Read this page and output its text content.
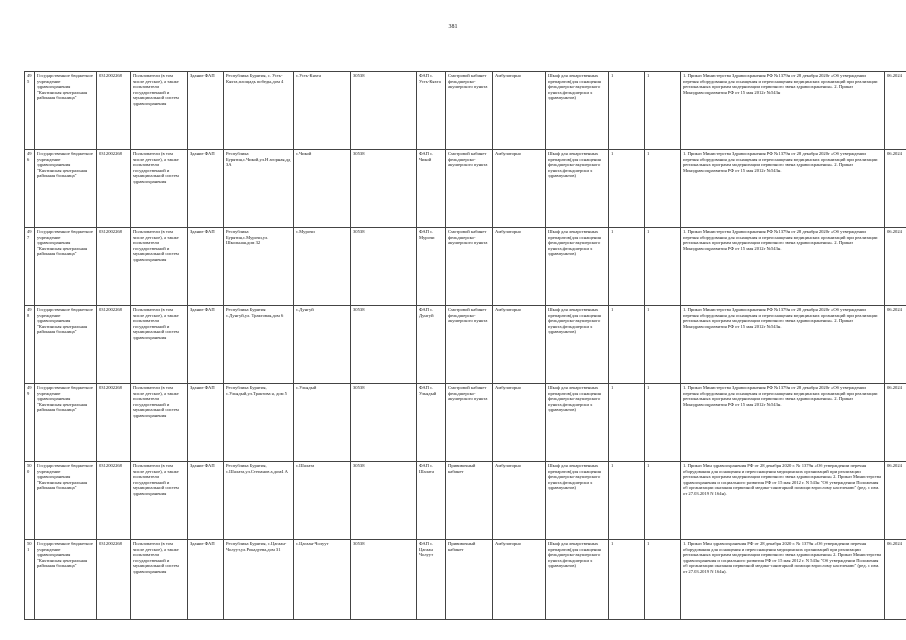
381
495	Государственное бюджетное учреждение здравоохранения "Кяхтинская центральная районная больница"	0312002268	Пользователи (в том числе детское), а также пользователи государственной и муниципальной систем здравоохранения	Здание ФАП	Республика Бурятия, с. Усть-Кяхта,площадь победы,дом 4	с.Усть-Кяхта	30538	ФАП с. Усть-Кяхта	Смотровой кабинет фельдшерско-акушерского пункта	Амбулаторно	Шкаф для лекарственных препаратов(для оснащения фельдшерско-акушерского пункта,фельдшерски х здравпунктов)	1	1	1. Приказ Министерства Здравоохранения РФ №1379н от 28 декабря 2020г «Об утверждении перечня оборудования для оснащения и переоснащения медицинских организаций при реализации региональных программ модернизации первичного звена здравоохранения». 2. Приказ Минздравсоцразвития РФ от 15 мая 2012г №543н	06.2024
496	Государственное бюджетное учреждение здравоохранения "Кяхтинская центральная районная больница"	0312002268	Пользователи (в том числе детское), а также пользователи государственной и муниципальной систем здравоохранения	Здание ФАП	Республика Бурятия,с.Чикой,ул.Н агорная,дд 3А	с.Чикой	30538	ФАП с. Чикой	Смотровой кабинет фельдшерско-акушерского пункта	Амбулаторно	Шкаф для лекарственных препаратов(для оснащения фельдшерско-акушерского пункта,фельдшерски х здравпунктов)	1	1	1. Приказ Министерства Здравоохранения РФ №1379н от 28 декабря 2020г «Об утверждении перечня оборудования для оснащения и переоснащения медицинских организаций при реализации региональных программ модернизации первичного звена здравоохранения». 2. Приказ Минздравсоцразвития РФ от 15 мая 2012г №543н.	06.2024
497	Государственное бюджетное учреждение здравоохранения "Кяхтинская центральная районная больница"	0312002268	Пользователи (в том числе детское), а также пользователи государственной и муниципальной систем здравоохранения	Здание ФАП	Республика Бурятия,с.Мурочи,ул. Школьная,дом 32	с.Мурочи	30538	ФАП с. Мурочи	Смотровой кабинет фельдшерско-акушерского пункта	Амбулаторно	Шкаф для лекарственных препаратов(для оснащения фельдшерско-акушерского пункта,фельдшерски х здравпунктов)	1	1	1. Приказ Министерства Здравоохранения РФ №1379н от 28 декабря 2020г «Об утверждении перечня оборудования для оснащения и переоснащения медицинских организаций при реализации региональных программ модернизации первичного звена здравоохранения». 2. Приказ Минздравсоцразвития РФ от 15 мая 2012г №543н.	06.2024
498	Государственное бюджетное учреждение здравоохранения "Кяхтинская центральная районная больница"	0312002268	Пользователи (в том числе детское), а также пользователи государственной и муниципальной систем здравоохранения	Здание ФАП	Республика Бурятия с.Дунгуй,ул. Трактовая,дом 6	с.Дунгуй	30538	ФАП с. Дунгуй	Смотровой кабинет фельдшерско-акушерского пункта	Амбулаторно	Шкаф для лекарственных препаратов(для оснащения фельдшерско-акушерского пункта,фельдшерски х здравпунктов)	1	1	1. Приказ Министерства Здравоохранения РФ №1379н от 28 декабря 2020г «Об утверждении перечня оборудования для оснащения и переоснащения медицинских организаций при реализации региональных программ модернизации первичного звена здравоохранения». 2. Приказ Минздравсоцразвития РФ от 15 мая 2012г №543н.	06.2024
499	Государственное бюджетное учреждение здравоохранения "Кяхтинская центральная районная больница"	0312002268	Пользователи (в том числе детское), а также пользователи государственной и муниципальной систем здравоохранения	Здание ФАП	Республика Бурятия, с.Ульядый,ул.Трактова я, дом 5	с.Ульядый	30538	ФАП с. Ульядый	Смотровой кабинет фельдшерско-акушерского пункта	Амбулаторно	Шкаф для лекарственных препаратов(для оснащения фельдшерско-акушерского пункта,фельдшерски х здравпунктов)	1	1	1. Приказ Министерства Здравоохранения РФ №1379н от 28 декабря 2020г «Об утверждении перечня оборудования для оснащения и переоснащения медицинских организаций при реализации региональных программ модернизации первичного звена здравоохранения». 2. Приказ Минздравсоцразвития РФ от 15 мая 2012г №543н.	06.2024
500	Государственное бюджетное учреждение здравоохранения "Кяхтинская центральная районная больница"	0312002268	Пользователи (в том числе детское), а также пользователи государственной и муниципальной систем здравоохранения	Здание ФАП	Республика Бурятия, с.Шалата,ул.Степанов а,дом4 А	с.Шалата	30538	ФАП с. Шалата	Прививочный кабинет	Амбулаторно	Шкаф для лекарственных препаратов(для оснащения фельдшерско-акушерского пункта,фельдшерски х здравпунктов)	1	1	1. Приказ Мин здравоохранения РФ от 28 декабря 2020 г. № 1379н «Об утверждении перечня оборудования для оснащения и переоснащения медицинских организаций при реализации региональных программ модернизации первичного звена здравоохранения» 2. Приказ Министерства здравоохранения и социального развития РФ от 15 мая 2012 г. N 543н "Об утверждении Положения об организации оказания первичной медико-санитарной помощи взрослому населению" (ред. с изм. от 27.03.2019 N 164н).	06.2024
501	Государственное бюджетное учреждение здравоохранения "Кяхтинская центральная районная больница"	0312002268	Пользователи (в том числе детское), а также пользователи государственной и муниципальной систем здравоохранения	Здание ФАП	Республика Бурятия, с.Цагаан-Чолуут,ул.Рокадуева,дом 31	с.Цагаан-Чолуут	30538	ФАП с. Цагаан Чолуут	Прививочный кабинет	Амбулаторно	Шкаф для лекарственных препаратов(для оснащения фельдшерско-акушерского пункта,фельдшерски х здравпунктов)	1	1	1. Приказ Мин здравоохранения РФ от 28 декабря 2020 г. № 1379н «Об утверждении перечня оборудования для оснащения и переоснащения медицинских организаций при реализации региональных программ модернизации первичного звена здравоохранения» 2. Приказ Министерства здравоохранения и социального развития РФ от 15 мая 2012 г. N 543н "Об утверждении Положения об организации оказания первичной медико-санитарной помощи взрослому населению" (ред. с изм. от 27.03.2019 N 164н).	06.2024
